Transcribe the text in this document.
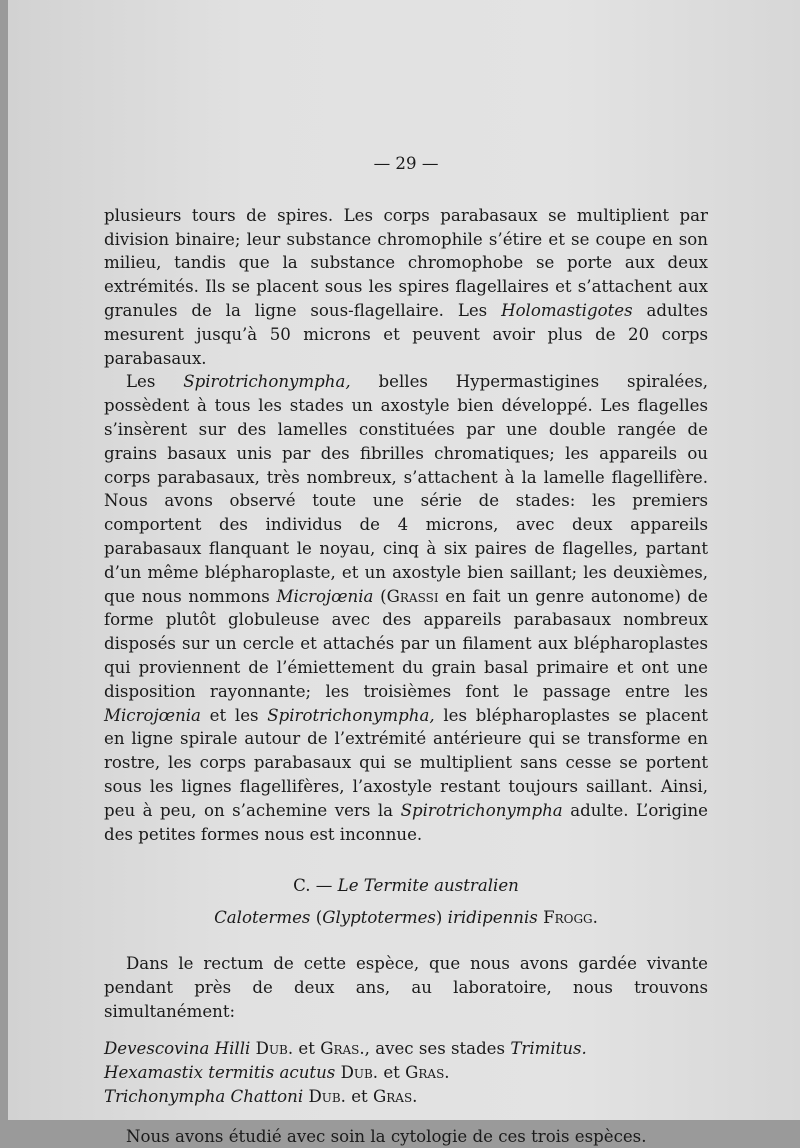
— 29 —

plusieurs tours de spires. Les corps parabasaux se multiplient par division binaire; leur substance chromophile s’étire et se coupe en son milieu, tandis que la substance chromophobe se porte aux deux extrémités. Ils se placent sous les spires flagellaires et s’attachent aux granules de la ligne sous-flagellaire. Les Holomastigotes adultes mesurent jusqu’à 50 microns et peuvent avoir plus de 20 corps parabasaux.

Les Spirotrichonympha, belles Hypermastigines spiralées, possèdent à tous les stades un axostyle bien développé. Les flagelles s’insèrent sur des lamelles constituées par une double rangée de grains basaux unis par des fibrilles chromatiques; les appareils ou corps parabasaux, très nombreux, s’attachent à la lamelle flagellifère. Nous avons observé toute une série de stades: les premiers comportent des individus de 4 microns, avec deux appareils parabasaux flanquant le noyau, cinq à six paires de flagelles, partant d’un même blépharoplaste, et un axostyle bien saillant; les deuxièmes, que nous nommons Microjœnia (Grassi en fait un genre autonome) de forme plutôt globuleuse avec des appareils parabasaux nombreux disposés sur un cercle et attachés par un filament aux blépharoplastes qui proviennent de l’émiettement du grain basal primaire et ont une disposition rayonnante; les troisièmes font le passage entre les Microjœnia et les Spirotrichonympha, les blépharoplastes se placent en ligne spirale autour de l’extrémité antérieure qui se transforme en rostre, les corps parabasaux qui se multiplient sans cesse se portent sous les lignes flagellifères, l’axostyle restant toujours saillant. Ainsi, peu à peu, on s’achemine vers la Spirotrichonympha adulte. L’origine des petites formes nous est inconnue.

C. — Le Termite australien
Calotermes (Glyptotermes) iridipennis Frogg.

Dans le rectum de cette espèce, que nous avons gardée vivante pendant près de deux ans, au laboratoire, nous trouvons simultanément:

Devescovina Hilli Dub. et Gras., avec ses stades Trimitus.
Hexamastix termitis acutus Dub. et Gras.
Trichonympha Chattoni Dub. et Gras.

Nous avons étudié avec soin la cytologie de ces trois espèces.
